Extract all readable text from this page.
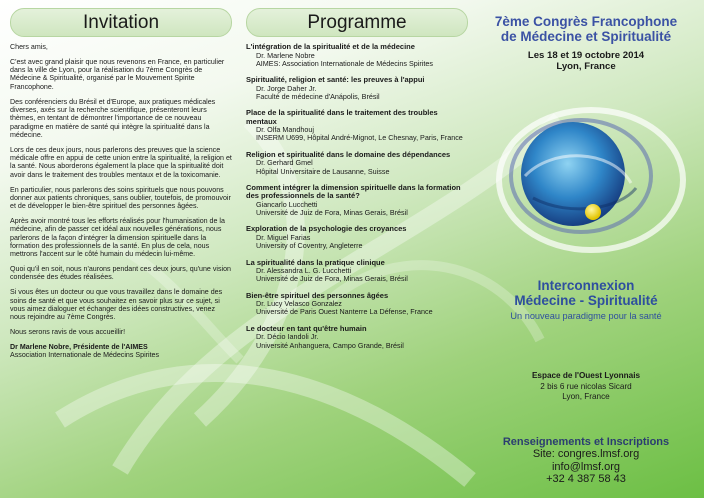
Invitation

Chers amis,

C'est avec grand plaisir que nous revenons en France, en particulier dans la ville de Lyon, pour la réalisation du 7ème Congrès de Médecine & Spiritualité, organisé par le Mouvement Spirite Francophone.

Des conférenciers du Brésil et d'Europe, aux pratiques médicales diverses, axés sur la recherche scientifique, présenteront leurs thèmes, en tentant de démontrer l'importance de ce nouveau paradigme en matière de santé qui intègre la spiritualité dans la médecine.

Lors de ces deux jours, nous parlerons des preuves que la science médicale offre en appui de cette union entre la spiritualité, la religion et la santé. Nous aborderons également la place que la spiritualité doit avoir dans le traitement des troubles mentaux et de la toxicomanie.

En particulier, nous parlerons des soins spirituels que nous pouvons donner aux patients chroniques, sans oublier, toutefois, de promouvoir et de développer le bien-être spirituel des personnes âgées.

Après avoir montré tous les efforts réalisés pour l'humanisation de la médecine, afin de passer cet idéal aux nouvelles générations, nous parlerons de la façon d'intégrer la dimension spirituelle dans la formation des professionnels de la santé. En plus de cela, nous mettrons l'accent sur le côté humain du médecin lui-même.

Quoi qu'il en soit, nous n'aurons pendant ces deux jours, qu'une vision condensée des études réalisées.

Si vous êtes un docteur ou que vous travaillez dans le domaine des soins de santé et que vous souhaitez en savoir plus sur ce sujet, si vous aimez dialoguer et échanger des idées constructives, venez nous rejoindre au 7ème Congrès.

Nous serons ravis de vous accueillir!

Dr Marlene Nobre, Présidente de l'AIMES
Association Internationale de Médecins Spirites

Programme
L'intégration de la spiritualité et de la médecine
Dr. Marlene Nobre
AIMES: Association Internationale de Médecins Spirites
Spiritualité, religion et santé: les preuves à l'appui
Dr. Jorge Daher Jr.
Faculté de médecine d'Anápolis, Brésil
Place de la spiritualité dans le traitement des troubles mentaux
Dr. Olfa Mandhouj
INSERM U699, Hôpital André-Mignot, Le Chesnay, Paris, France
Religion et spiritualité dans le domaine des dépendances
Dr. Gerhard Gmel
Hôpital Universitaire de Lausanne, Suisse
Comment intégrer la dimension spirituelle dans la formation des professionnels de la santé?
Giancarlo Lucchetti
Université de Juiz de Fora, Minas Gerais, Brésil
Exploration de la psychologie des croyances
Dr. Miguel Farias
University of Coventry, Angleterre
La spiritualité dans la pratique clinique
Dr. Alessandra L. G. Lucchetti
Université de Juiz de Fora, Minas Gerais, Brésil
Bien-être spirituel des personnes âgées
Dr. Lucy Velasco Gonzalez
Université de Paris Ouest Nanterre La Défense, France
Le docteur en tant qu'être humain
Dr. Décio Iandoli Jr.
Université Anhanguera, Campo Grande, Brésil
7ème Congrès Francophone
de Médecine et Spiritualité
Les 18 et 19 octobre 2014
Lyon, France
Interconnexion
Médecine - Spiritualité
Un nouveau paradigme pour la santé
Espace de l'Ouest Lyonnais
2 bis 6 rue nicolas Sicard
Lyon, France
Renseignements et Inscriptions
Site: congres.lmsf.org
info@lmsf.org
+32 4 387 58 43
